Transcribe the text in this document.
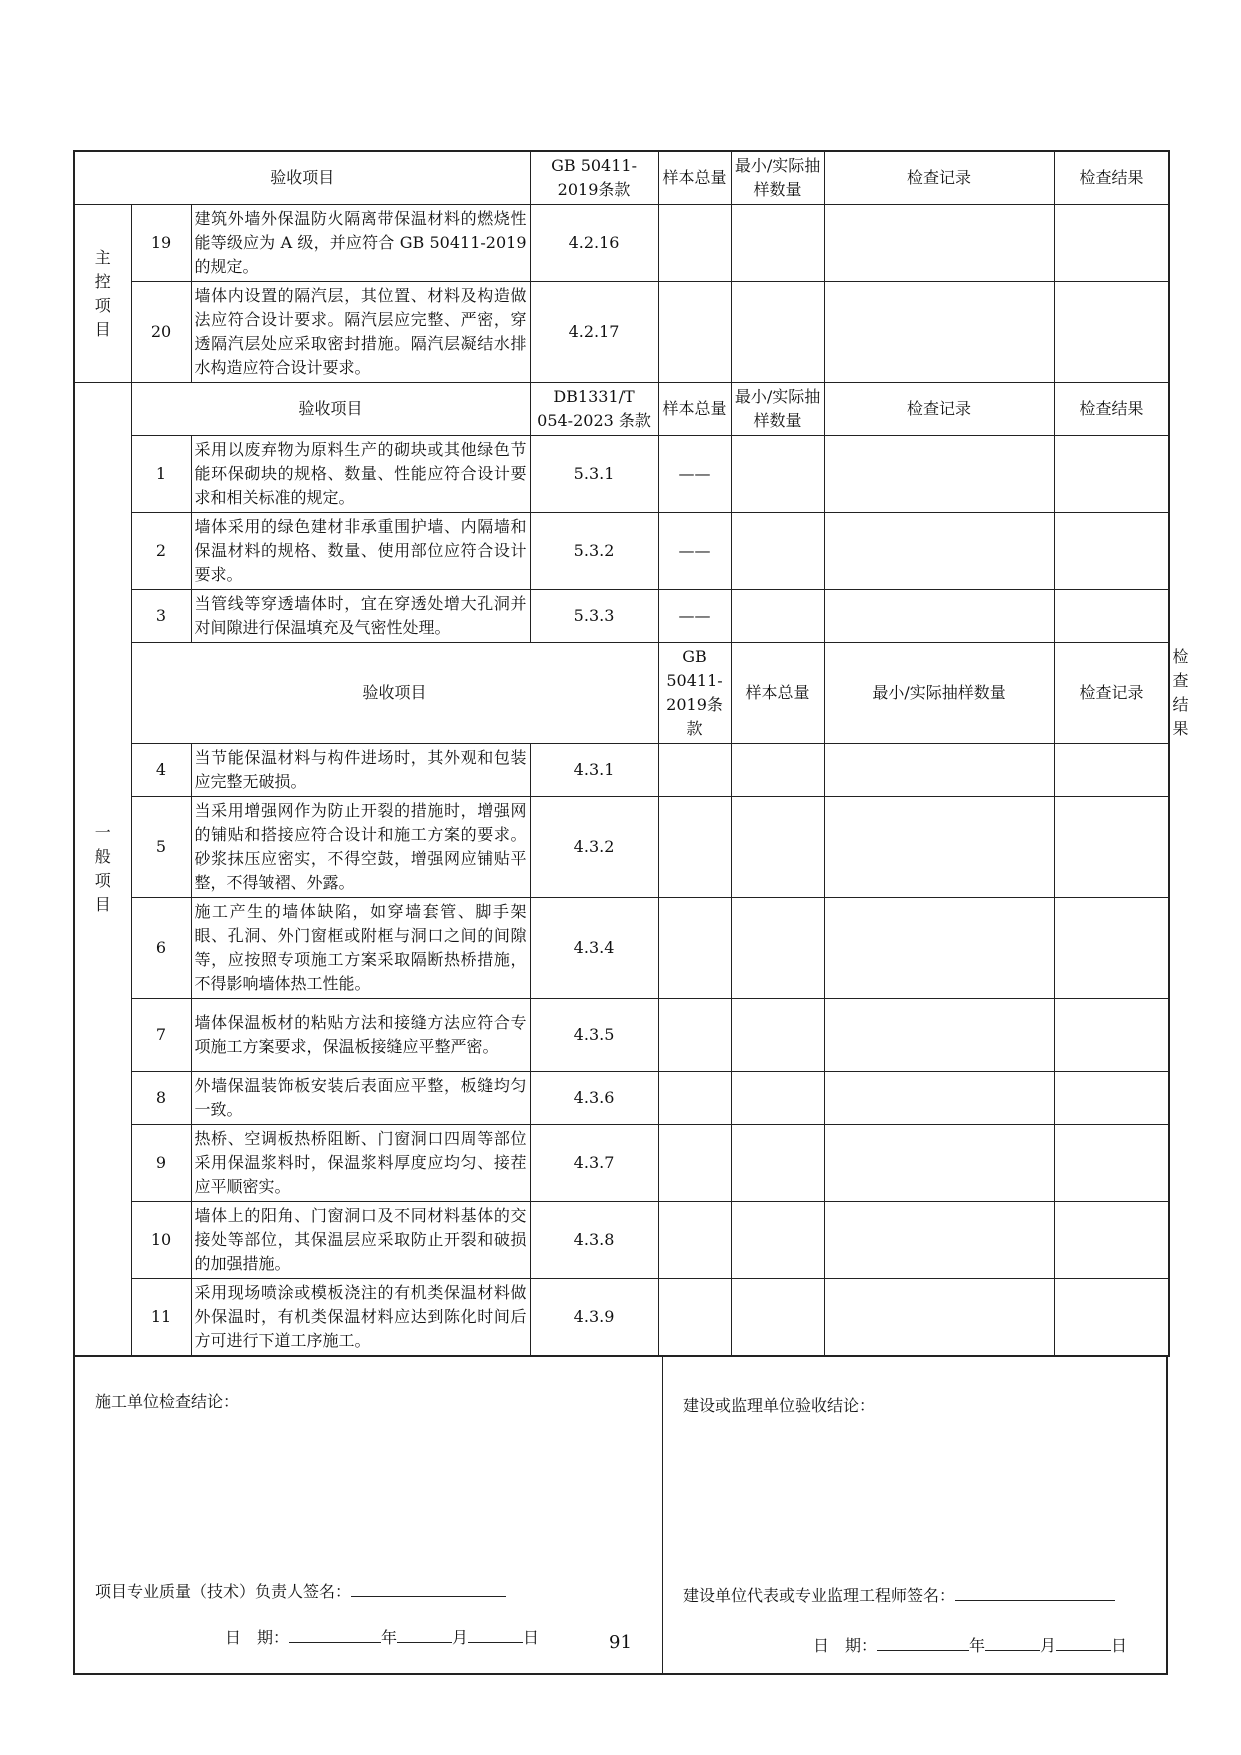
验收项目			GB 50411-2019条款	样本总量	最小/实际抽样数量	检查记录	检查结果	
主控项目	19	建筑外墙外保温防火隔离带保温材料的燃烧性能等级应为 A 级，并应符合 GB 50411-2019 的规定。	4.2.16					
	20	墙体内设置的隔汽层，其位置、材料及构造做法应符合设计要求。隔汽层应完整、严密，穿透隔汽层处应采取密封措施。隔汽层凝结水排水构造应符合设计要求。	4.2.17					
一般项目	验收项目		DB1331/T 054-2023 条款	样本总量	最小/实际抽样数量	检查记录	检查结果	
	1	采用以废弃物为原料生产的砌块或其他绿色节能环保砌块的规格、数量、性能应符合设计要求和相关标准的规定。	5.3.1	——				
	2	墙体采用的绿色建材非承重围护墙、内隔墙和保温材料的规格、数量、使用部位应符合设计要求。	5.3.2	——				
	3	当管线等穿透墙体时，宜在穿透处增大孔洞并对间隙进行保温填充及气密性处理。	5.3.3	——				
	验收项目			GB 50411-2019条款	样本总量	最小/实际抽样数量	检查记录	检查结果
	4	当节能保温材料与构件进场时，其外观和包装应完整无破损。	4.3.1					
	5	当采用增强网作为防止开裂的措施时，增强网的铺贴和搭接应符合设计和施工方案的要求。砂浆抹压应密实，不得空鼓，增强网应铺贴平整，不得皱褶、外露。	4.3.2					
	6	施工产生的墙体缺陷，如穿墙套管、脚手架眼、孔洞、外门窗框或附框与洞口之间的间隙等，应按照专项施工方案采取隔断热桥措施，不得影响墙体热工性能。	4.3.4					
	7	墙体保温板材的粘贴方法和接缝方法应符合专项施工方案要求，保温板接缝应平整严密。	4.3.5					
	8	外墙保温装饰板安装后表面应平整，板缝均匀一致。	4.3.6					
	9	热桥、空调板热桥阻断、门窗洞口四周等部位采用保温浆料时，保温浆料厚度应均匀、接茬应平顺密实。	4.3.7					
	10	墙体上的阳角、门窗洞口及不同材料基体的交接处等部位，其保温层应采取防止开裂和破损的加强措施。	4.3.8					
	11	采用现场喷涂或模板浇注的有机类保温材料做外保温时，有机类保温材料应达到陈化时间后方可进行下道工序施工。	4.3.9					
施工单位检查结论：
项目专业质量（技术）负责人签名：
日　期：	年	月	日
建设或监理单位验收结论：
建设单位代表或专业监理工程师签名：
日　期：	年	月	日
91
